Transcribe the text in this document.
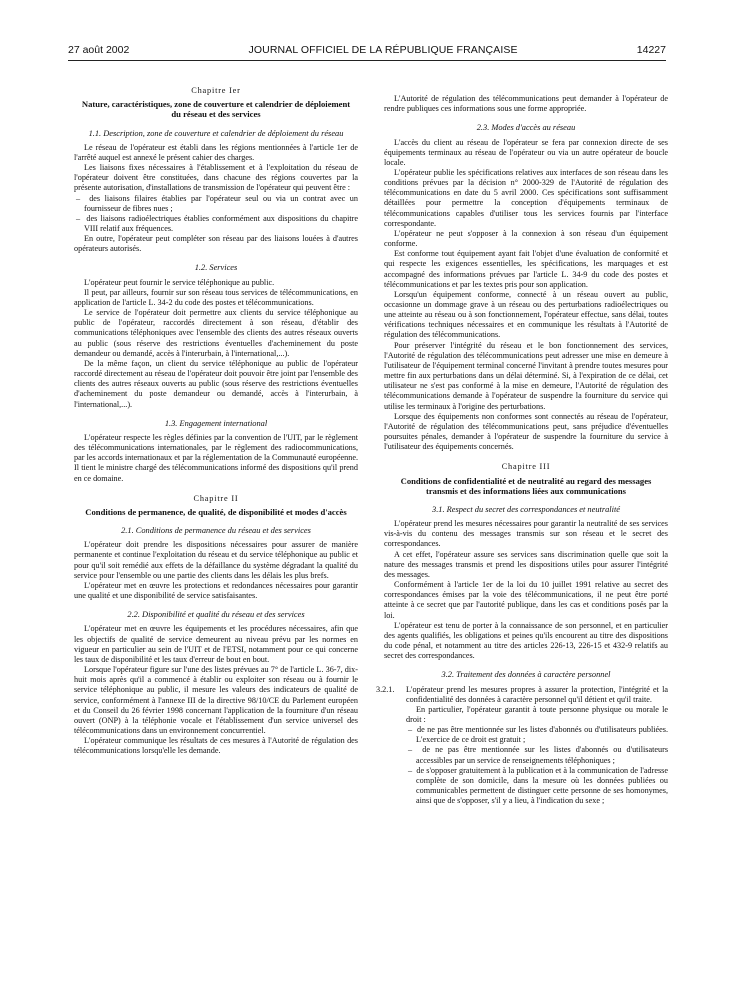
27 août 2002	JOURNAL OFFICIEL DE LA RÉPUBLIQUE FRANÇAISE	14227
Chapitre Ier
Nature, caractéristiques, zone de couverture et calendrier de déploiement du réseau et des services
1.1. Description, zone de couverture et calendrier de déploiement du réseau

Le réseau de l'opérateur est établi dans les régions mentionnées à l'article 1er de l'arrêté auquel est annexé le présent cahier des charges.

Les liaisons fixes nécessaires à l'établissement et à l'exploitation du réseau de l'opérateur doivent être constituées, dans chacune des régions couvertes par la présente autorisation, d'installations de transmission de l'opérateur qui peuvent être :

–  des liaisons filaires établies par l'opérateur seul ou via un contrat avec un fournisseur de fibres nues ;
–  des liaisons radioélectriques établies conformément aux dispositions du chapitre VIII relatif aux fréquences.

En outre, l'opérateur peut compléter son réseau par des liaisons louées à d'autres opérateurs autorisés.

1.2. Services

L'opérateur peut fournir le service téléphonique au public.

Il peut, par ailleurs, fournir sur son réseau tous services de télécommunications, en application de l'article L. 34-2 du code des postes et télécommunications.

Le service de l'opérateur doit permettre aux clients du service téléphonique au public de l'opérateur, raccordés directement à son réseau, d'établir des communications téléphoniques avec l'ensemble des clients des autres réseaux ouverts au public (sous réserve des restrictions éventuelles d'acheminement du poste demandeur ou demandé, accès à l'interurbain, à l'international,...).

De la même façon, un client du service téléphonique au public de l'opérateur raccordé directement au réseau de l'opérateur doit pouvoir être joint par l'ensemble des clients des autres réseaux ouverts au public (sous réserve des restrictions éventuelles d'acheminement du poste demandeur ou demandé, accès à l'interurbain, à l'international,...).

1.3. Engagement international

L'opérateur respecte les règles définies par la convention de l'UIT, par le règlement des télécommunications internationales, par le règlement des radiocommunications, par les accords internationaux et par la réglementation de la Communauté européenne. Il tient le ministre chargé des télécommunications informé des dispositions qu'il prend en ce domaine.

Chapitre II
Conditions de permanence, de qualité, de disponibilité et modes d'accès
2.1. Conditions de permanence du réseau et des services

L'opérateur doit prendre les dispositions nécessaires pour assurer de manière permanente et continue l'exploitation du réseau et du service téléphonique au public et pour qu'il soit remédié aux effets de la défaillance du système dégradant la qualité du service pour l'ensemble ou une partie des clients dans les délais les plus brefs.

L'opérateur met en œuvre les protections et redondances nécessaires pour garantir une qualité et une disponibilité de service satisfaisantes.

2.2. Disponibilité et qualité du réseau et des services

L'opérateur met en œuvre les équipements et les procédures nécessaires, afin que les objectifs de qualité de service demeurent au niveau prévu par les normes en vigueur en particulier au sein de l'UIT et de l'ETSI, notamment pour ce qui concerne les taux de disponibilité et les taux d'erreur de bout en bout.

Lorsque l'opérateur figure sur l'une des listes prévues au 7° de l'article L. 36-7, dix-huit mois après qu'il a commencé à établir ou exploiter son réseau ou à fournir le service téléphonique au public, il mesure les valeurs des indicateurs de qualité de service, conformément à l'annexe III de la directive 98/10/CE du Parlement européen et du Conseil du 26 février 1998 concernant l'application de la fourniture d'un réseau ouvert (ONP) à la téléphonie vocale et l'établissement d'un service universel des télécommunications dans un environnement concurrentiel.

L'opérateur communique les résultats de ces mesures à l'Autorité de régulation des télécommunications lorsqu'elle les demande.

L'Autorité de régulation des télécommunications peut demander à l'opérateur de rendre publiques ces informations sous une forme appropriée.

2.3. Modes d'accès au réseau

L'accès du client au réseau de l'opérateur se fera par connexion directe de ses équipements terminaux au réseau de l'opérateur ou via un autre opérateur de boucle locale.

L'opérateur publie les spécifications relatives aux interfaces de son réseau dans les conditions prévues par la décision n° 2000-329 de l'Autorité de régulation des télécommunications en date du 5 avril 2000. Ces spécifications sont suffisamment détaillées pour permettre la conception d'équipements terminaux de télécommunications capables d'utiliser tous les services fournis par l'interface correspondante.

L'opérateur ne peut s'opposer à la connexion à son réseau d'un équipement conforme.

Est conforme tout équipement ayant fait l'objet d'une évaluation de conformité et qui respecte les exigences essentielles, les spécifications, les marquages et est accompagné des informations prévues par l'article L. 34-9 du code des postes et télécommunications et par les textes pris pour son application.

Lorsqu'un équipement conforme, connecté à un réseau ouvert au public, occasionne un dommage grave à un réseau ou des perturbations radioélectriques ou une atteinte au réseau ou à son fonctionnement, l'opérateur effectue, sans délai, toutes vérifications techniques nécessaires et en communique les résultats à l'Autorité de régulation des télécommunications.

Pour préserver l'intégrité du réseau et le bon fonctionnement des services, l'Autorité de régulation des télécommunications peut adresser une mise en demeure à l'utilisateur de l'équipement terminal concerné l'invitant à prendre toutes mesures pour mettre fin aux perturbations dans un délai déterminé. Si, à l'expiration de ce délai, cet utilisateur ne s'est pas conformé à la mise en demeure, l'Autorité de régulation des télécommunications demande à l'opérateur de suspendre la fourniture du service qui utilise les terminaux à l'origine des perturbations.

Lorsque des équipements non conformes sont connectés au réseau de l'opérateur, l'Autorité de régulation des télécommunications peut, sans préjudice d'éventuelles poursuites pénales, demander à l'opérateur de suspendre la fourniture du service à l'utilisateur des équipements concernés.

Chapitre III
Conditions de confidentialité et de neutralité au regard des messages transmis et des informations liées aux communications
3.1. Respect du secret des correspondances et neutralité

L'opérateur prend les mesures nécessaires pour garantir la neutralité de ses services vis-à-vis du contenu des messages transmis sur son réseau et le secret des correspondances.

A cet effet, l'opérateur assure ses services sans discrimination quelle que soit la nature des messages transmis et prend les dispositions utiles pour assurer l'intégrité des messages.

Conformément à l'article 1er de la loi du 10 juillet 1991 relative au secret des correspondances émises par la voie des télécommunications, il ne peut être porté atteinte à ce secret que par l'autorité publique, dans les cas et conditions posés par la loi.

L'opérateur est tenu de porter à la connaissance de son personnel, et en particulier des agents qualifiés, les obligations et peines qu'ils encourent au titre des dispositions du code pénal, et notamment au titre des articles 226-13, 226-15 et 432-9 relatifs au secret des correspondances.

3.2. Traitement des données à caractère personnel
3.2.1.	L'opérateur prend les mesures propres à assurer la protection, l'intégrité et la confidentialité des données à caractère personnel qu'il détient et qu'il traite.

En particulier, l'opérateur garantit à toute personne physique ou morale le droit :

–  de ne pas être mentionnée sur les listes d'abonnés ou d'utilisateurs publiées. L'exercice de ce droit est gratuit ;
–  de ne pas être mentionnée sur les listes d'abonnés ou d'utilisateurs accessibles par un service de renseignements téléphoniques ;
–  de s'opposer gratuitement à la publication et à la communication de l'adresse complète de son domicile, dans la mesure où les données publiées ou communicables permettent de distinguer cette personne de ses homonymes, ainsi que de s'opposer, s'il y a lieu, à l'indication du sexe ;
